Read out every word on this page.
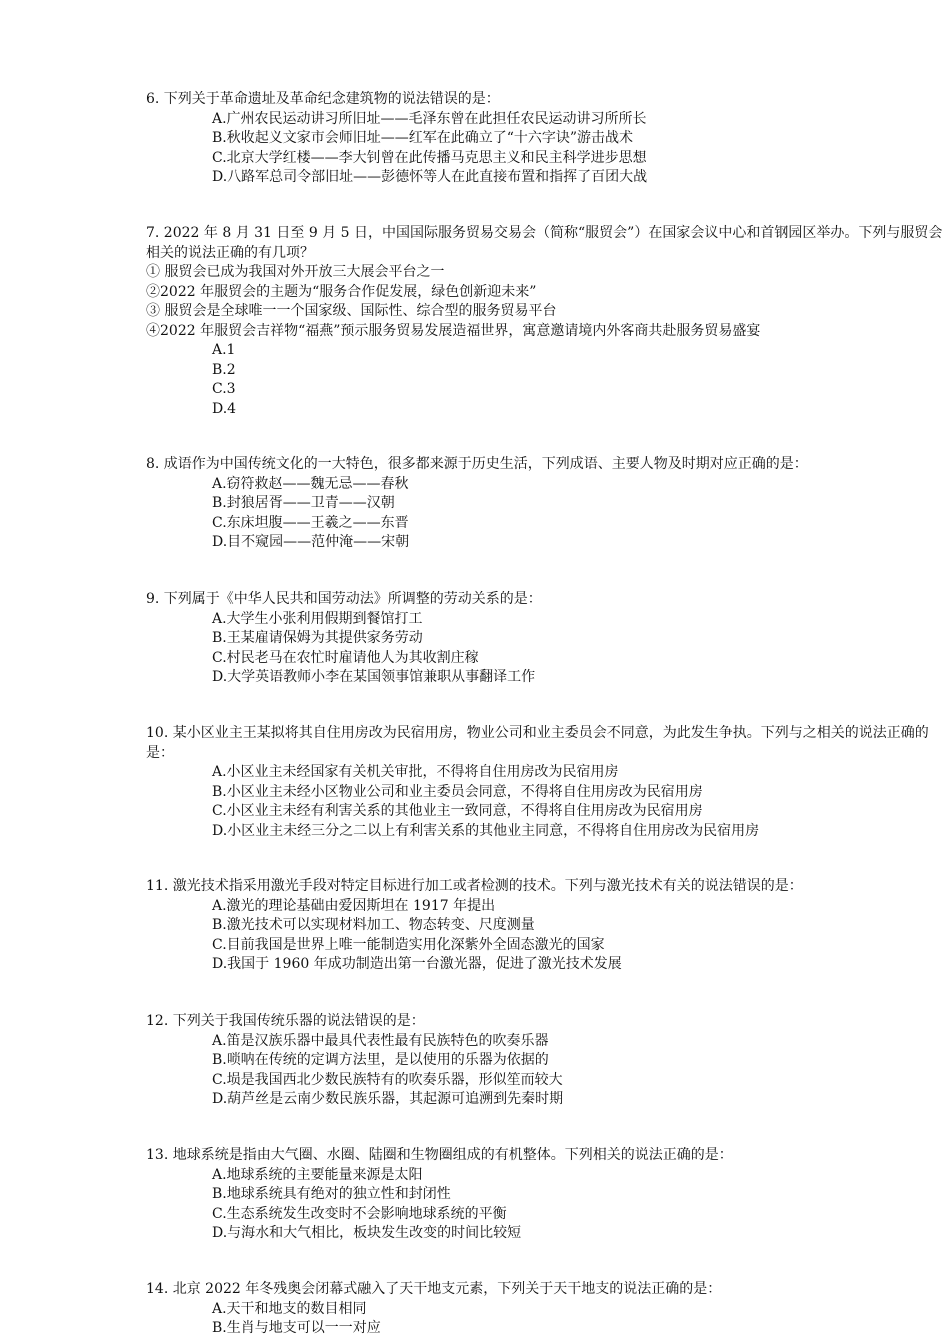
6. 下列关于革命遗址及革命纪念建筑物的说法错误的是：
A.广州农民运动讲习所旧址——毛泽东曾在此担任农民运动讲习所所长
B.秋收起义文家市会师旧址——红军在此确立了“十六字诀”游击战术
C.北京大学红楼——李大钊曾在此传播马克思主义和民主科学进步思想
D.八路军总司令部旧址——彭德怀等人在此直接布置和指挥了百团大战
7. 2022 年 8 月 31 日至 9 月 5 日，中国国际服务贸易交易会（简称“服贸会”）在国家会议中心和首钢园区举办。下列与服贸会相关的说法正确的有几项？
① 服贸会已成为我国对外开放三大展会平台之一
②2022 年服贸会的主题为“服务合作促发展，绿色创新迎未来”
③ 服贸会是全球唯一一个国家级、国际性、综合型的服务贸易平台
④2022 年服贸会吉祥物“福燕”预示服务贸易发展造福世界，寓意邀请境内外客商共赴服务贸易盛宴
A.1
B.2
C.3
D.4
8. 成语作为中国传统文化的一大特色，很多都来源于历史生活，下列成语、主要人物及时期对应正确的是：
A.窃符救赵——魏无忌——春秋
B.封狼居胥——卫青——汉朝
C.东床坦腹——王羲之——东晋
D.目不窥园——范仲淹——宋朝
9. 下列属于《中华人民共和国劳动法》所调整的劳动关系的是：
A.大学生小张利用假期到餐馆打工
B.王某雇请保姆为其提供家务劳动
C.村民老马在农忙时雇请他人为其收割庄稼
D.大学英语教师小李在某国领事馆兼职从事翻译工作
10. 某小区业主王某拟将其自住用房改为民宿用房，物业公司和业主委员会不同意，为此发生争执。下列与之相关的说法正确的是：
A.小区业主未经国家有关机关审批，不得将自住用房改为民宿用房
B.小区业主未经小区物业公司和业主委员会同意，不得将自住用房改为民宿用房
C.小区业主未经有利害关系的其他业主一致同意，不得将自住用房改为民宿用房
D.小区业主未经三分之二以上有利害关系的其他业主同意，不得将自住用房改为民宿用房
11. 激光技术指采用激光手段对特定目标进行加工或者检测的技术。下列与激光技术有关的说法错误的是：
A.激光的理论基础由爱因斯坦在 1917 年提出
B.激光技术可以实现材料加工、物态转变、尺度测量
C.目前我国是世界上唯一能制造实用化深紫外全固态激光的国家
D.我国于 1960 年成功制造出第一台激光器，促进了激光技术发展
12. 下列关于我国传统乐器的说法错误的是：
A.笛是汉族乐器中最具代表性最有民族特色的吹奏乐器
B.唢呐在传统的定调方法里，是以使用的乐器为依据的
C.埙是我国西北少数民族特有的吹奏乐器，形似笙而较大
D.葫芦丝是云南少数民族乐器，其起源可追溯到先秦时期
13. 地球系统是指由大气圈、水圈、陆圈和生物圈组成的有机整体。下列相关的说法正确的是：
A.地球系统的主要能量来源是太阳
B.地球系统具有绝对的独立性和封闭性
C.生态系统发生改变时不会影响地球系统的平衡
D.与海水和大气相比，板块发生改变的时间比较短
14. 北京 2022 年冬残奥会闭幕式融入了天干地支元素，下列关于天干地支的说法正确的是：
A.天干和地支的数目相同
B.生肖与地支可以一一对应
